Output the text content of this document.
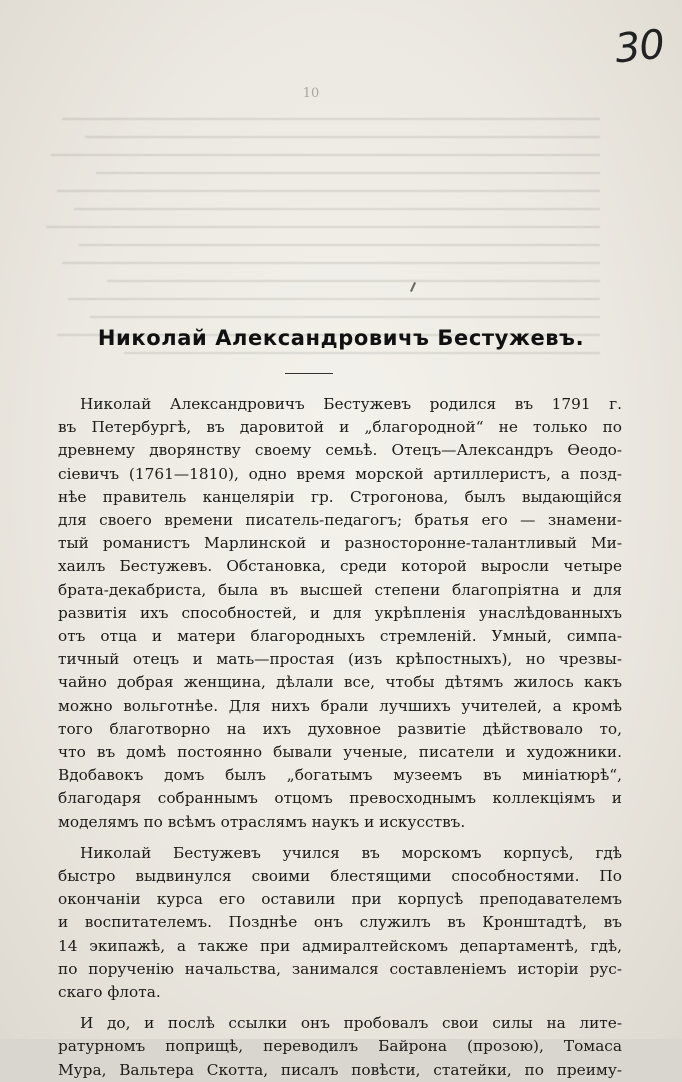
10
30
Николай Александровичъ Бестужевъ.
Николай Александровичъ Бестужевъ родился въ 1791 г.
въ Петербургѣ, въ даровитой и „благородной“ не только по
древнему дворянству своему семьѣ. Отецъ—Александръ Ѳеодо-
сіевичъ (1761—1810), одно время морской артиллеристъ, а позд-
нѣе правитель канцеляріи гр. Строгонова, былъ выдающійся
для своего времени писатель-педагогъ; братья его — знамени-
тый романистъ Марлинской и разносторонне-талантливый Ми-
хаилъ Бестужевъ. Обстановка, среди которой выросли четыре
брата-декабриста, была въ высшей степени благопріятна и для
развитія ихъ способностей, и для укрѣпленія унаслѣдованныхъ
отъ отца и матери благородныхъ стремленій. Умный, симпа-
тичный отецъ и мать—простая (изъ крѣпостныхъ), но чрезвы-
чайно добрая женщина, дѣлали все, чтобы дѣтямъ жилось какъ
можно вольготнѣе. Для нихъ брали лучшихъ учителей, а кромѣ
того благотворно на ихъ духовное развитіе дѣйствовало то,
что въ домѣ постоянно бывали ученые, писатели и художники.
Вдобавокъ домъ былъ „богатымъ музеемъ въ миніатюрѣ“,
благодаря собраннымъ отцомъ превосходнымъ коллекціямъ и
моделямъ по всѣмъ отраслямъ наукъ и искусствъ.
Николай Бестужевъ учился въ морскомъ корпусѣ, гдѣ
быстро выдвинулся своими блестящими способностями. По
окончаніи курса его оставили при корпусѣ преподавателемъ
и воспитателемъ. Позднѣе онъ служилъ въ Кронштадтѣ, въ
14 экипажѣ, а также при адмиралтейскомъ департаментѣ, гдѣ,
по порученію начальства, занимался составленіемъ исторіи рус-
скаго флота.
И до, и послѣ ссылки онъ пробовалъ свои силы на лите-
ратурномъ поприщѣ, переводилъ Байрона (прозою), Томаса
Мура, Вальтера Скотта, писалъ повѣсти, статейки, по преиму-
